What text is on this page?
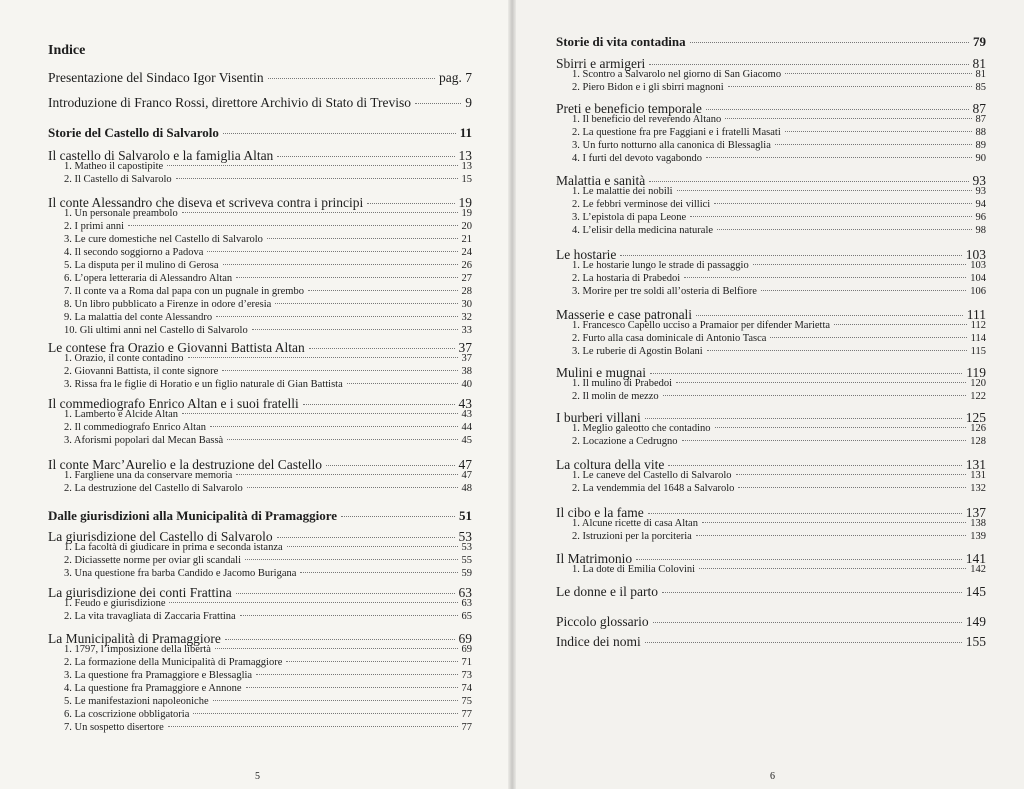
Indice
Presentazione del Sindaco Igor Visentin	pag. 7
Introduzione di Franco Rossi, direttore Archivio di Stato di Treviso	9
Storie del Castello di Salvarolo	11
Il castello di Salvarolo e la famiglia Altan	13
1. Matheo il capostipite	13
2. Il Castello di Salvarolo	15
Il conte Alessandro che diseva et scriveva contra i principi	19
1. Un personale preambolo	19
2. I primi anni	20
3. Le cure domestiche nel Castello di Salvarolo	21
4. Il secondo soggiorno a Padova	24
5. La disputa per il mulino di Gerosa	26
6. L’opera letteraria di Alessandro Altan	27
7. Il conte va a Roma dal papa con un pugnale in grembo	28
8. Un libro pubblicato a Firenze in odore d’eresia	30
9. La malattia del conte Alessandro	32
10. Gli ultimi anni nel Castello di Salvarolo	33
Le contese fra Orazio e Giovanni Battista Altan	37
1. Orazio, il conte contadino	37
2. Giovanni Battista, il conte signore	38
3. Rissa fra le figlie di Horatio e un figlio naturale di Gian Battista	40
Il commediografo Enrico Altan e i suoi fratelli	43
1. Lamberto e Alcide Altan	43
2. Il commediografo Enrico Altan	44
3. Aforismi popolari dal Mecan Bassà	45
Il conte Marc’Aurelio e la destruzione del Castello	47
1. Fargliene una da conservare memoria	47
2. La destruzione del Castello di Salvarolo	48
Dalle giurisdizioni alla Municipalità di Pramaggiore	51
La giurisdizione del Castello di Salvarolo	53
1. La facoltà di giudicare in prima e seconda istanza	53
2. Diciassette norme per oviar gli scandali	55
3. Una questione fra barba Candido e Jacomo Burigana	59
La giurisdizione dei conti Frattina	63
1. Feudo e giurisdizione	63
2. La vita travagliata di Zaccaria Frattina	65
La Municipalità di Pramaggiore	69
1. 1797, l’imposizione della libertà	69
2. La formazione della Municipalità di Pramaggiore	71
3. La questione fra Pramaggiore e Blessaglia	73
4. La questione fra Pramaggiore e Annone	74
5. Le manifestazioni napoleoniche	75
6. La coscrizione obbligatoria	77
7. Un sospetto disertore	77
5
Storie di vita contadina	79
Sbirri e armigeri	81
1. Scontro a Salvarolo nel giorno di San Giacomo	81
2. Piero Bidon e i gli sbirri magnoni	85
Preti e beneficio temporale	87
1. Il beneficio del reverendo Altano	87
2. La questione fra pre Faggiani e i fratelli Masati	88
3. Un furto notturno alla canonica di Blessaglia	89
4. I furti del devoto vagabondo	90
Malattia e sanità	93
1. Le malattie dei nobili	93
2. Le febbri verminose dei villici	94
3. L’epistola di papa Leone	96
4. L’elisir della medicina naturale	98
Le hostarie	103
1. Le hostarie lungo le strade di passaggio	103
2. La hostaria di Prabedoi	104
3. Morire per tre soldi all’osteria di Belfiore	106
Masserie e case patronali	111
1. Francesco Capello ucciso a Pramaior per difender Marietta	112
2. Furto alla casa dominicale di Antonio Tasca	114
3. Le ruberie di Agostin Bolani	115
Mulini e mugnai	119
1. Il mulino di Prabedoi	120
2. Il molin de mezzo	122
I burberi villani	125
1. Meglio galeotto che contadino	126
2. Locazione a Cedrugno	128
La coltura della vite	131
1. Le caneve del Castello di Salvarolo	131
2. La vendemmia del 1648 a Salvarolo	132
Il cibo e la fame	137
1. Alcune ricette di casa Altan	138
2. Istruzioni per la porciteria	139
Il Matrimonio	141
1. La dote di Emilia Colovini	142
Le donne e il parto	145
Piccolo glossario	149
Indice dei nomi	155
6
